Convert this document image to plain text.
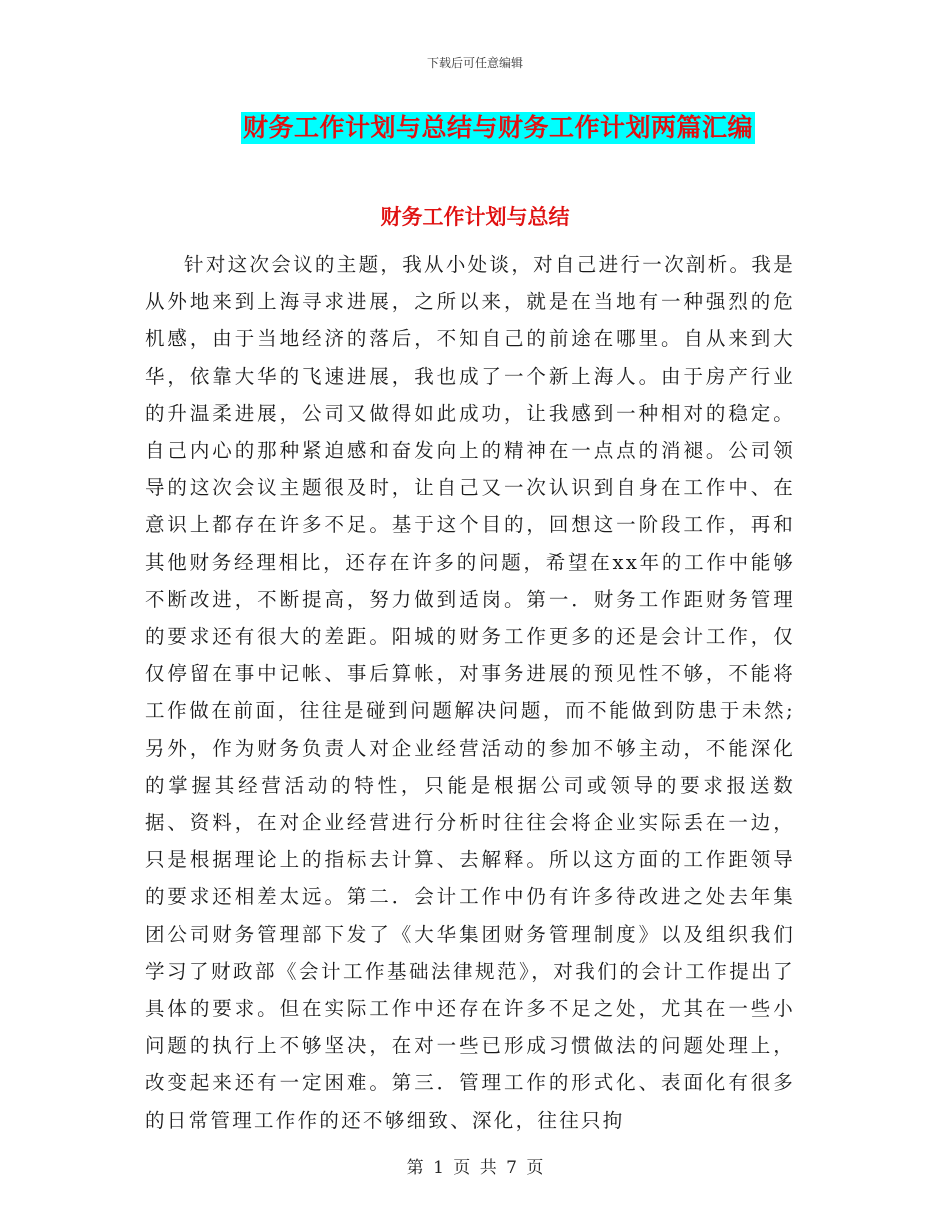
下载后可任意编辑
财务工作计划与总结与财务工作计划两篇汇编
财务工作计划与总结

针对这次会议的主题，我从小处谈，对自己进行一次剖析。我是从外地来到上海寻求进展，之所以来，就是在当地有一种强烈的危机感，由于当地经济的落后，不知自己的前途在哪里。自从来到大华，依靠大华的飞速进展，我也成了一个新上海人。由于房产行业的升温柔进展，公司又做得如此成功，让我感到一种相对的稳定。自己内心的那种紧迫感和奋发向上的精神在一点点的消褪。公司领导的这次会议主题很及时，让自己又一次认识到自身在工作中、在意识上都存在许多不足。基于这个目的，回想这一阶段工作，再和其他财务经理相比，还存在许多的问题，希望在xx年的工作中能够不断改进，不断提高，努力做到适岗。第一．财务工作距财务管理的要求还有很大的差距。阳城的财务工作更多的还是会计工作，仅仅停留在事中记帐、事后算帐，对事务进展的预见性不够，不能将工作做在前面，往往是碰到问题解决问题，而不能做到防患于未然;另外，作为财务负责人对企业经营活动的参加不够主动，不能深化的掌握其经营活动的特性，只能是根据公司或领导的要求报送数据、资料，在对企业经营进行分析时往往会将企业实际丢在一边，只是根据理论上的指标去计算、去解释。所以这方面的工作距领导的要求还相差太远。第二．会计工作中仍有许多待改进之处去年集团公司财务管理部下发了《大华集团财务管理制度》以及组织我们学习了财政部《会计工作基础法律规范》，对我们的会计工作提出了具体的要求。但在实际工作中还存在许多不足之处，尤其在一些小问题的执行上不够坚决，在对一些已形成习惯做法的问题处理上，改变起来还有一定困难。第三．管理工作的形式化、表面化有很多的日常管理工作作的还不够细致、深化，往往只拘

第 1 页 共 7 页
